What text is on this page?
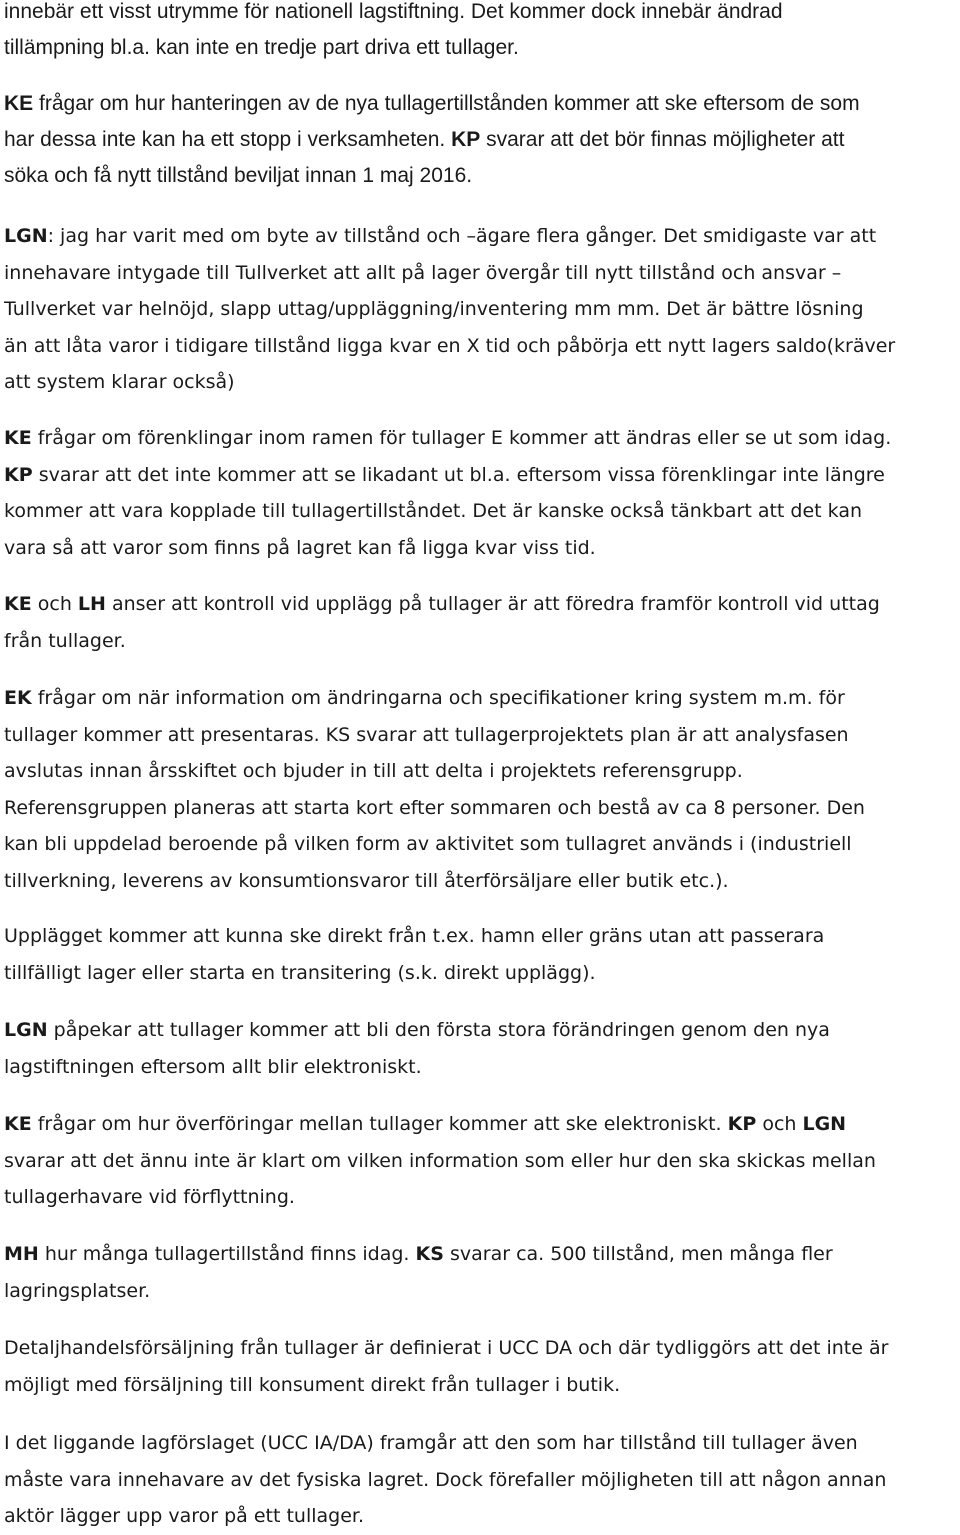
innebär ett visst utrymme för nationell lagstiftning. Det kommer dock innebär ändrad
tillämpning bl.a. kan inte en tredje part driva ett tullager.

KE frågar om hur hanteringen av de nya tullagertillstånden kommer att ske eftersom de som
har dessa inte kan ha ett stopp i verksamheten. KP svarar att det bör finnas möjligheter att
söka och få nytt tillstånd beviljat innan 1 maj 2016.

LGN: jag har varit med om byte av tillstånd och –ägare flera gånger. Det smidigaste var att
innehavare intygade till Tullverket att allt på lager övergår till nytt tillstånd och ansvar –
Tullverket var helnöjd, slapp uttag/uppläggning/inventering mm mm. Det är bättre lösning
än att låta varor i tidigare tillstånd ligga kvar en X tid och påbörja ett nytt lagers saldo(kräver
att system klarar också)

KE frågar om förenklingar inom ramen för tullager E kommer att ändras eller se ut som idag.
KP svarar att det inte kommer att se likadant ut bl.a. eftersom vissa förenklingar inte längre
kommer att vara kopplade till tullagertillståndet. Det är kanske också tänkbart att det kan
vara så att varor som finns på lagret kan få ligga kvar viss tid.

KE och LH anser att kontroll vid upplägg på tullager är att föredra framför kontroll vid uttag
från tullager.

EK frågar om när information om ändringarna och specifikationer kring system m.m. för
tullager kommer att presentaras. KS svarar att tullagerprojektets plan är att analysfasen
avslutas innan årsskiftet och bjuder in till att delta i projektets referensgrupp.
Referensgruppen planeras att starta kort efter sommaren och bestå av ca 8 personer. Den
kan bli uppdelad beroende på vilken form av aktivitet som tullagret används i (industriell
tillverkning, leverens av konsumtionsvaror till återförsäljare eller butik etc.).

Upplägget kommer att kunna ske direkt från t.ex. hamn eller gräns utan att passerara
tillfälligt lager eller starta en transitering (s.k. direkt upplägg).

LGN påpekar att tullager kommer att bli den första stora förändringen genom den nya
lagstiftningen eftersom allt blir elektroniskt.

KE frågar om hur överföringar mellan tullager kommer att ske elektroniskt. KP och LGN
svarar att det ännu inte är klart om vilken information som eller hur den ska skickas mellan
tullagerhavare vid förflyttning.

MH hur många tullagertillstånd finns idag. KS svarar ca. 500 tillstånd, men många fler
lagringsplatser.

Detaljhandelsförsäljning från tullager är definierat i UCC DA och där tydliggörs att det inte är
möjligt med försäljning till konsument direkt från tullager i butik.

I det liggande lagförslaget (UCC IA/DA) framgår att den som har tillstånd till tullager även
måste vara innehavare av det fysiska lagret. Dock förefaller möjligheten till att någon annan
aktör lägger upp varor på ett tullager.
